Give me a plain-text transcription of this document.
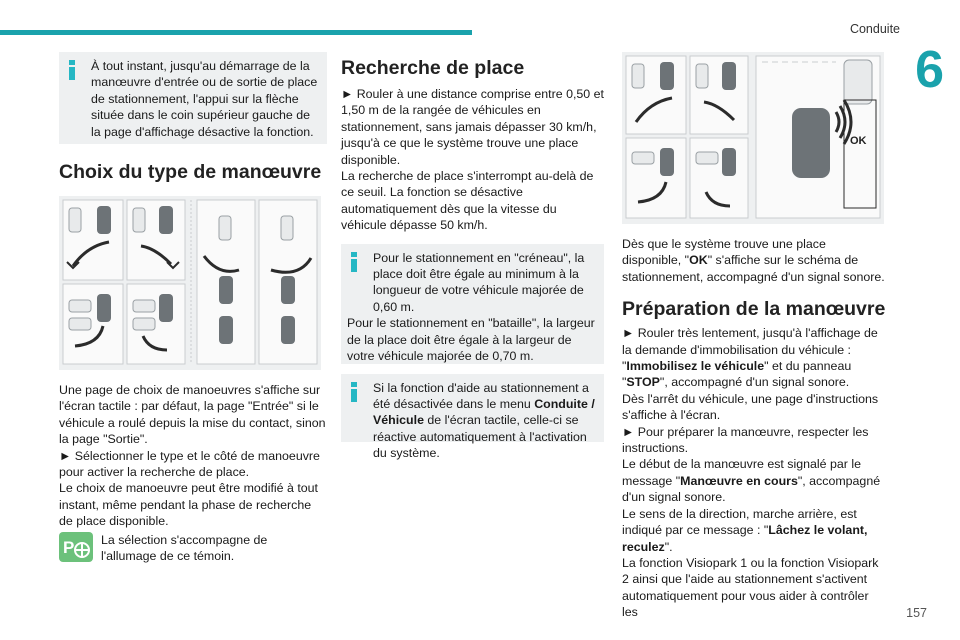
Conduite
6
157

À tout instant, jusqu'au démarrage de la manœuvre d'entrée ou de sortie de place de stationnement, l'appui sur la flèche située dans le coin supérieur gauche de la page d'affichage désactive la fonction.

Choix du type de manœuvre

Une page de choix de manoeuvres s'affiche sur l'écran tactile : par défaut, la page "Entrée" si le véhicule a roulé depuis la mise du contact, sinon la page "Sortie".

► Sélectionner le type et le côté de manoeuvre pour activer la recherche de place.

Le choix de manoeuvre peut être modifié à tout instant, même pendant la phase de recherche de place disponible.

P La sélection s'accompagne de l'allumage de ce témoin.

Recherche de place

► Rouler à une distance comprise entre 0,50 et 1,50 m de la rangée de véhicules en stationnement, sans jamais dépasser 30 km/h, jusqu'à ce que le système trouve une place disponible.

La recherche de place s'interrompt au-delà de ce seuil. La fonction se désactive automatiquement dès que la vitesse du véhicule dépasse 50 km/h.

Pour le stationnement en "créneau", la place doit être égale au minimum à la longueur de votre véhicule majorée de 0,60 m.

Pour le stationnement en "bataille", la largeur de la place doit être égale à la largeur de votre véhicule majorée de 0,70 m.

Si la fonction d'aide au stationnement a été désactivée dans le menu Conduite / Véhicule de l'écran tactile, celle-ci se réactive automatiquement à l'activation du système.

OK

Dès que le système trouve une place disponible, "OK" s'affiche sur le schéma de stationnement, accompagné d'un signal sonore.

Préparation de la manœuvre

► Rouler très lentement, jusqu'à l'affichage de la demande d'immobilisation du véhicule : "Immobilisez le véhicule" et du panneau "STOP", accompagné d'un signal sonore.

Dès l'arrêt du véhicule, une page d'instructions s'affiche à l'écran.

► Pour préparer la manœuvre, respecter les instructions.

Le début de la manœuvre est signalé par le message "Manœuvre en cours", accompagné d'un signal sonore.

Le sens de la direction, marche arrière, est indiqué par ce message : "Lâchez le volant, reculez".

La fonction Visiopark 1 ou la fonction Visiopark 2 ainsi que l'aide au stationnement s'activent automatiquement pour vous aider à contrôler les
